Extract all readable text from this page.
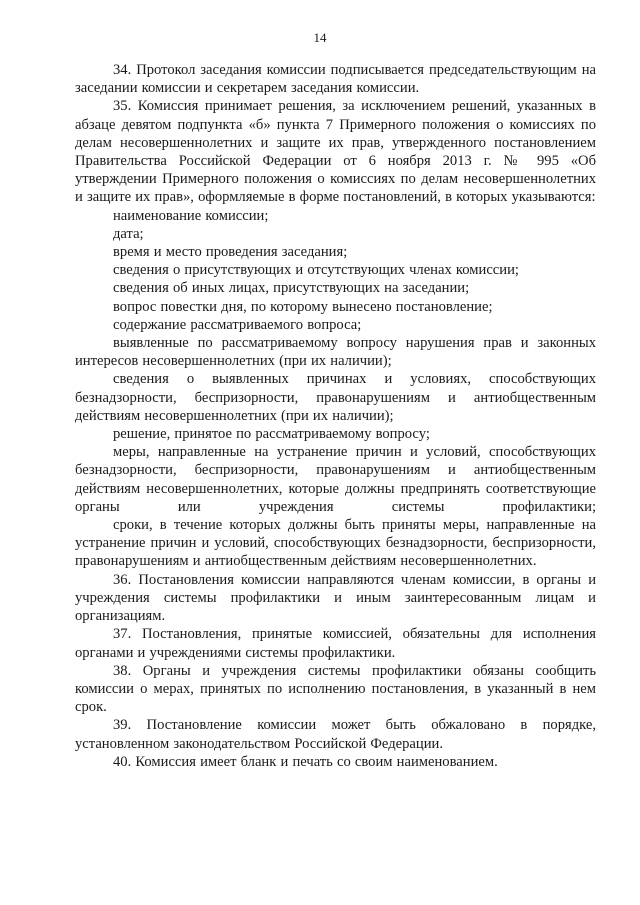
14

34. Протокол заседания комиссии подписывается председательствующим на заседании комиссии и секретарем заседания комиссии.

35. Комиссия принимает решения, за исключением решений, указанных в абзаце девятом подпункта «б» пункта 7 Примерного положения о комиссиях по делам несовершеннолетних и защите их прав, утвержденного постановлением Правительства Российской Федерации от 6 ноября 2013 г. № 995 «Об утверждении Примерного положения о комиссиях по делам несовершеннолетних и защите их прав», оформляемые в форме постановлений, в которых указываются:

наименование комиссии;

дата;

время и место проведения заседания;

сведения о присутствующих и отсутствующих членах комиссии;

сведения об иных лицах, присутствующих на заседании;

вопрос повестки дня, по которому вынесено постановление;

содержание рассматриваемого вопроса;

выявленные по рассматриваемому вопросу нарушения прав и законных интересов несовершеннолетних (при их наличии);

сведения о выявленных причинах и условиях, способствующих безнадзорности, беспризорности, правонарушениям и антиобщественным действиям несовершеннолетних (при их наличии);

решение, принятое по рассматриваемому вопросу;

меры, направленные на устранение причин и условий, способствующих безнадзорности, беспризорности, правонарушениям и антиобщественным действиям несовершеннолетних, которые должны предпринять соответствующие органы или учреждения системы профилактики;

сроки, в течение которых должны быть приняты меры, направленные на устранение причин и условий, способствующих безнадзорности, беспризорности, правонарушениям и антиобщественным действиям несовершеннолетних.

36. Постановления комиссии направляются членам комиссии, в органы и учреждения системы профилактики и иным заинтересованным лицам и организациям.

37. Постановления, принятые комиссией, обязательны для исполнения органами и учреждениями системы профилактики.

38. Органы и учреждения системы профилактики обязаны сообщить комиссии о мерах, принятых по исполнению постановления, в указанный в нем срок.

39. Постановление комиссии может быть обжаловано в порядке, установленном законодательством Российской Федерации.

40. Комиссия имеет бланк и печать со своим наименованием.
